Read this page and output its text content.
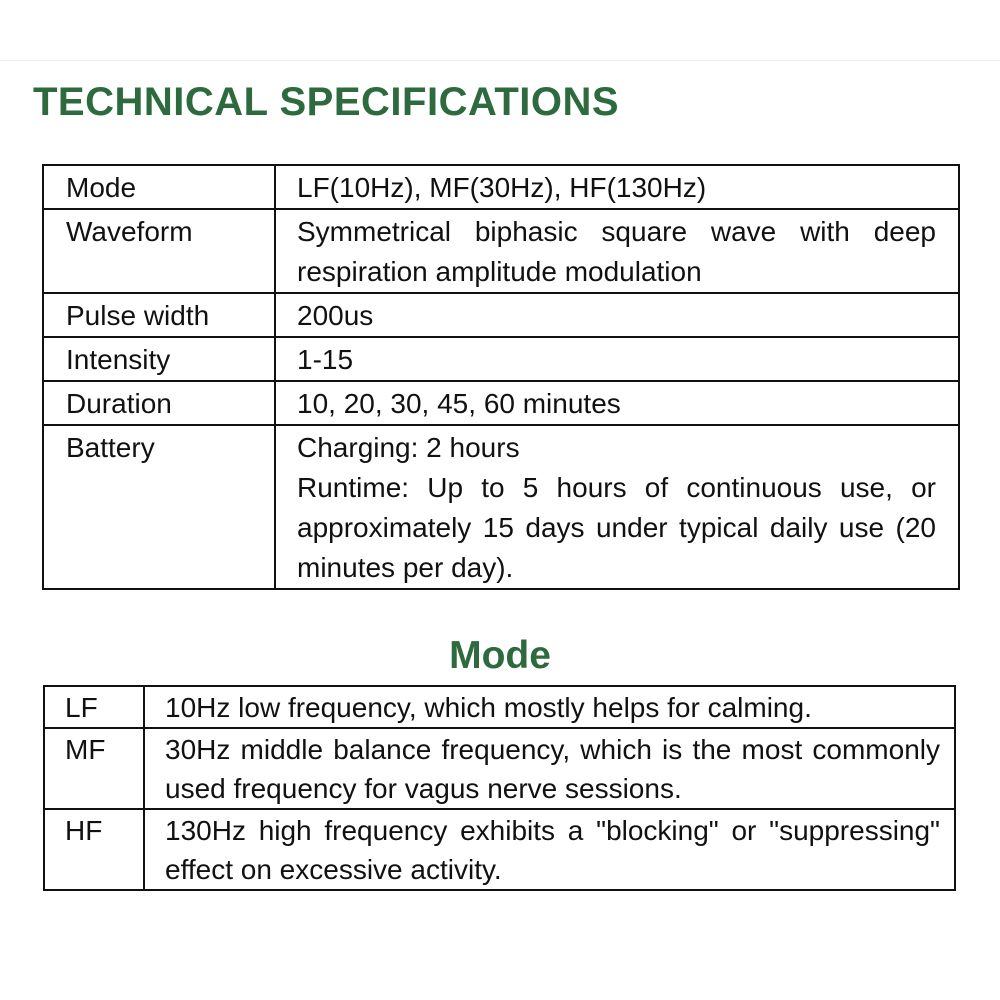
TECHNICAL SPECIFICATIONS
Mode	LF(10Hz), MF(30Hz), HF(130Hz)
Waveform	Symmetrical biphasic square wave with deep respiration amplitude modulation
Pulse width	200us
Intensity	1-15
Duration	10, 20, 30, 45, 60 minutes
Battery	Charging: 2 hours
Runtime: Up to 5 hours of continuous use, or approximately 15 days under typical daily use (20 minutes per day).
Mode
LF	10Hz low frequency, which mostly helps for calming.
MF	30Hz middle balance frequency, which is the most commonly used frequency for vagus nerve sessions.
HF	130Hz high frequency exhibits a "blocking" or "suppressing" effect on excessive activity.
